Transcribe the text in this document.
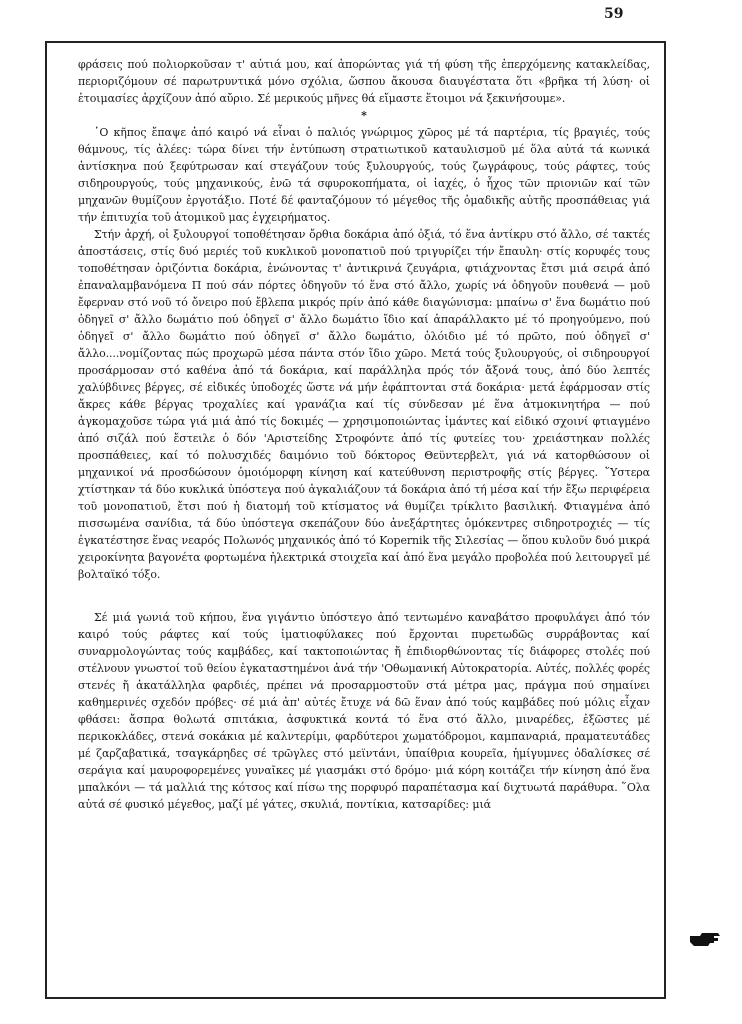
59

φράσεις πού πολιορκοῦσαν τ' αὐτιά μου, καί ἀπορώντας γιά τή φύση τῆς ἐπερχόμενης κατακλείδας, περιοριζόμουν σέ παρωτρυντικά μόνο σχόλια, ὥσπου ἄκουσα διαυγέστατα ὅτι «βρῆκα τή λύση· οἱ ἑτοιμασίες ἀρχίζουν ἀπό αὔριο. Σέ μερικούς μῆνες θά εἴμαστε ἕτοιμοι νά ξεκινήσουμε».

*

῾Ο κῆπος ἔπαψε ἀπό καιρό νά εἶναι ὁ παλιός γνώριμος χῶρος μέ τά παρτέρια, τίς βραγιές, τούς θάμνους, τίς ἀλέες: τώρα δίνει τήν ἐντύπωση στρατιωτικοῦ καταυλισμοῦ μέ ὅλα αὐτά τά κωνικά ἀντίσκηνα πού ξεφύτρωσαν καί στεγάζουν τούς ξυλουργούς, τούς ζωγράφους, τούς ράφτες, τούς σιδηρουργούς, τούς μηχανικούς, ἐνῶ τά σφυροκοπήματα, οἱ ἰαχές, ὁ ἦχος τῶν πριονιῶν καί τῶν μηχανῶν θυμίζουν ἐργοτάξιο. Ποτέ δέ φανταζόμουν τό μέγεθος τῆς ὁμαδικῆς αὐτῆς προσπάθειας γιά τήν ἐπιτυχία τοῦ ἀτομικοῦ μας ἐγχειρήματος.

Στήν ἀρχή, οἱ ξυλουργοί τοποθέτησαν ὄρθια δοκάρια ἀπό ὀξιά, τό ἕνα ἀντίκρυ στό ἄλλο, σέ τακτές ἀποστάσεις, στίς δυό μεριές τοῦ κυκλικοῦ μονοπατιοῦ πού τριγυρίζει τήν ἔπαυλη· στίς κορυφές τους τοποθέτησαν ὁριζόντια δοκάρια, ἑνώνοντας τ' ἀντικρινά ζευγάρια, φτιάχνοντας ἔτσι μιά σειρά ἀπό ἐπαναλαμβανόμενα Π πού σάν πόρτες ὁδηγοῦν τό ἕνα στό ἄλλο, χωρίς νά ὁδηγοῦν πουθενά — μοῦ ἔφερναν στό νοῦ τό ὄνειρο πού ἔβλεπα μικρός πρίν ἀπό κάθε διαγώνισμα: μπαίνω σ' ἕνα δωμάτιο πού ὁδηγεῖ σ' ἄλλο δωμάτιο πού ὁδηγεῖ σ' ἄλλο δωμάτιο ἴδιο καί ἀπαράλλακτο μέ τό προηγούμενο, πού ὁδηγεῖ σ' ἄλλο δωμάτιο πού ὁδηγεῖ σ' ἄλλο δωμάτιο, ὁλόιδιο μέ τό πρῶτο, πού ὁδηγεῖ σ' ἄλλο....νομίζοντας πώς προχωρῶ μέσα πάντα στόν ἴδιο χῶρο. Μετά τούς ξυλουργούς, οἱ σιδηρουργοί προσάρμοσαν στό καθένα ἀπό τά δοκάρια, καί παράλληλα πρός τόν ἄξονά τους, ἀπό δύο λεπτές χαλύβδινες βέργες, σέ εἰδικές ὑποδοχές ὥστε νά μήν ἐφάπτονται στά δοκάρια· μετά ἐφάρμοσαν στίς ἄκρες κάθε βέργας τροχαλίες καί γρανάζια καί τίς σύνδεσαν μέ ἕνα ἀτμοκινητήρα — πού ἀγκομαχοῦσε τώρα γιά μιά ἀπό τίς δοκιμές — χρησιμοποιώντας ἱμάντες καί εἰδικό σχοινί φτιαγμένο ἀπό σιζάλ πού ἔστειλε ὁ δόν 'Αριστείδης Στροφόντε ἀπό τίς φυτείες του· χρειάστηκαν πολλές προσπάθειες, καί τό πολυσχιδές δαιμόνιο τοῦ δόκτορος Θεϋντερβελτ, γιά νά κατορθώσουν οἱ μηχανικοί νά προσδώσουν ὁμοιόμορφη κίνηση καί κατεύθυνση περιστροφῆς στίς βέργες. ῞Υστερα χτίστηκαν τά δύο κυκλικά ὑπόστεγα πού ἀγκαλιάζουν τά δοκάρια ἀπό τή μέσα καί τήν ἔξω περιφέρεια τοῦ μονοπατιοῦ, ἔτσι πού ἡ διατομή τοῦ κτίσματος νά θυμίζει τρίκλιτο βασιλική. Φτιαγμένα ἀπό πισσωμένα σανίδια, τά δύο ὑπόστεγα σκεπάζουν δύο ἀνεξάρτητες ὁμόκεντρες σιδηροτροχιές — τίς ἐγκατέστησε ἕνας νεαρός Πολωνός μηχανικός ἀπό τό Kopernik τῆς Σιλεσίας — ὅπου κυλοῦν δυό μικρά χειροκίνητα βαγονέτα φορτωμένα ἠλεκτρικά στοιχεῖα καί ἀπό ἕνα μεγάλο προβολέα πού λειτουργεῖ μέ βολταϊκό τόξο.

Σέ μιά γωνιά τοῦ κήπου, ἕνα γιγάντιο ὑπόστεγο ἀπό τεντωμένο καναβάτσο προφυλάγει ἀπό τόν καιρό τούς ράφτες καί τούς ἱματιοφύλακες πού ἔρχονται πυρετωδῶς συρράβοντας καί συναρμολογώντας τούς καμβάδες, καί τακτοποιώντας ἤ ἐπιδιορθώνοντας τίς διάφορες στολές πού στέλνουν γνωστοί τοῦ θείου ἐγκαταστημένοι ἀνά τήν 'Οθωμανική Αὐτοκρατορία. Αὐτές, πολλές φορές στενές ἤ ἀκατάλληλα φαρδιές, πρέπει νά προσαρμοστοῦν στά μέτρα μας, πράγμα πού σημαίνει καθημερινές σχεδόν πρόβες· σέ μιά ἀπ' αὐτές ἔτυχε νά δῶ ἕναν ἀπό τούς καμβάδες πού μόλις εἶχαν φθάσει: ἄσπρα θολωτά σπιτάκια, ἀσφυκτικά κοντά τό ἕνα στό ἄλλο, μιναρέδες, ἐξῶστες μέ περικοκλάδες, στενά σοκάκια μέ καλντερίμι, φαρδύτεροι χωματόδρομοι, καμπαναριά, πραματευτάδες μέ ζαρζαβατικά, τσαγκάρηδες σέ τρῶγλες στό μεϊντάνι, ὑπαίθρια κουρεῖα, ἡμίγυμνες ὀδαλίσκες σέ σεράγια καί μαυροφορεμένες γυναῖκες μέ γιασμάκι στό δρόμο· μιά κόρη κοιτάζει τήν κίνηση ἀπό ἕνα μπαλκόνι — τά μαλλιά της κότσος καί πίσω της πορφυρό παραπέτασμα καί διχτυωτά παράθυρα. ῞Ολα αὐτά σέ φυσικό μέγεθος, μαζί μέ γάτες, σκυλιά, ποντίκια, κατσαρίδες: μιά
